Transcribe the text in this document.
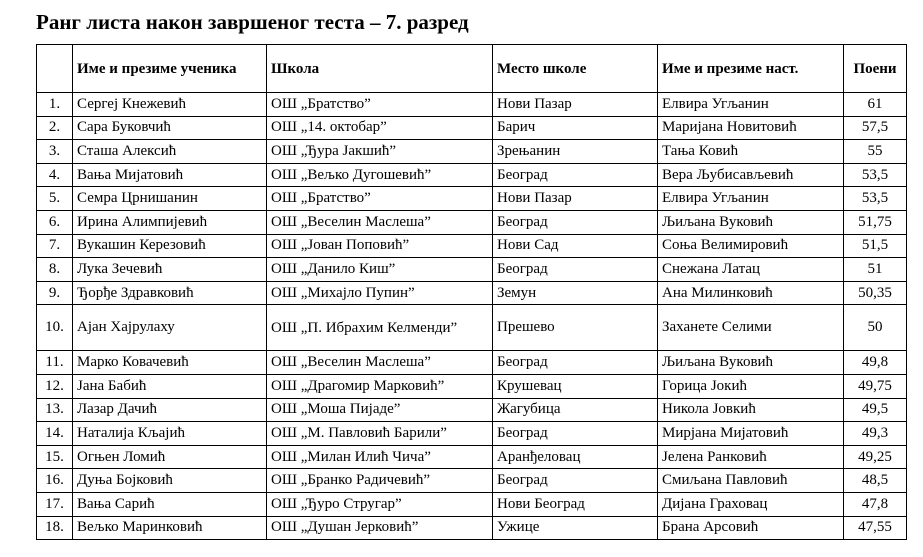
Ранг листа након завршеног теста – 7. разред
	Име и презиме ученика	Школа	Место школе	Име и презиме наст.	Поени
1.	Сергеј Кнежевић	ОШ „Братство”	Нови Пазар	Елвира Угљанин	61
2.	Сара Буковчић	ОШ „14. октобар”	Барич	Маријана Новитовић	57,5
3.	Сташа Алексић	ОШ „Ђура Јакшић”	Зрењанин	Тања Ковић	55
4.	Вања Мијатовић	ОШ „Вељко Дугошевић”	Београд	Вера Љубисављевић	53,5
5.	Семра Црнишанин	ОШ „Братство”	Нови Пазар	Елвира Угљанин	53,5
6.	Ирина Алимпијевић	ОШ „Веселин Маслеша”	Београд	Љиљана Вуковић	51,75
7.	Вукашин Керезовић	ОШ „Јован Поповић”	Нови Сад	Соња Велимировић	51,5
8.	Лука Зечевић	ОШ „Данило Киш”	Београд	Снежана Латац	51
9.	Ђорђе Здравковић	ОШ „Михајло Пупин”	Земун	Ана Милинковић	50,35
10.	Ајан Хајрулаху	ОШ „П. Ибрахим Келменди”	Прешево	Заханете Селими	50
11.	Марко Ковачевић	ОШ „Веселин Маслеша”	Београд	Љиљана Вуковић	49,8
12.	Јана Бабић	ОШ „Драгомир Марковић”	Крушевац	Горица Јокић	49,75
13.	Лазар Дачић	ОШ „Моша Пијаде”	Жагубица	Никола Јовкић	49,5
14.	Наталија Кљајић	ОШ „М. Павловић Барили”	Београд	Мирјана Мијатовић	49,3
15.	Огњен Ломић	ОШ „Милан Илић Чича”	Аранђеловац	Јелена Ранковић	49,25
16.	Дуња Бојковић	ОШ „Бранко Радичевић”	Београд	Смиљана Павловић	48,5
17.	Вања Сарић	ОШ „Ђуро Стругар”	Нови Београд	Дијана Граховац	47,8
18.	Вељко Маринковић	ОШ „Душан Јерковић”	Ужице	Брана Арсовић	47,55
